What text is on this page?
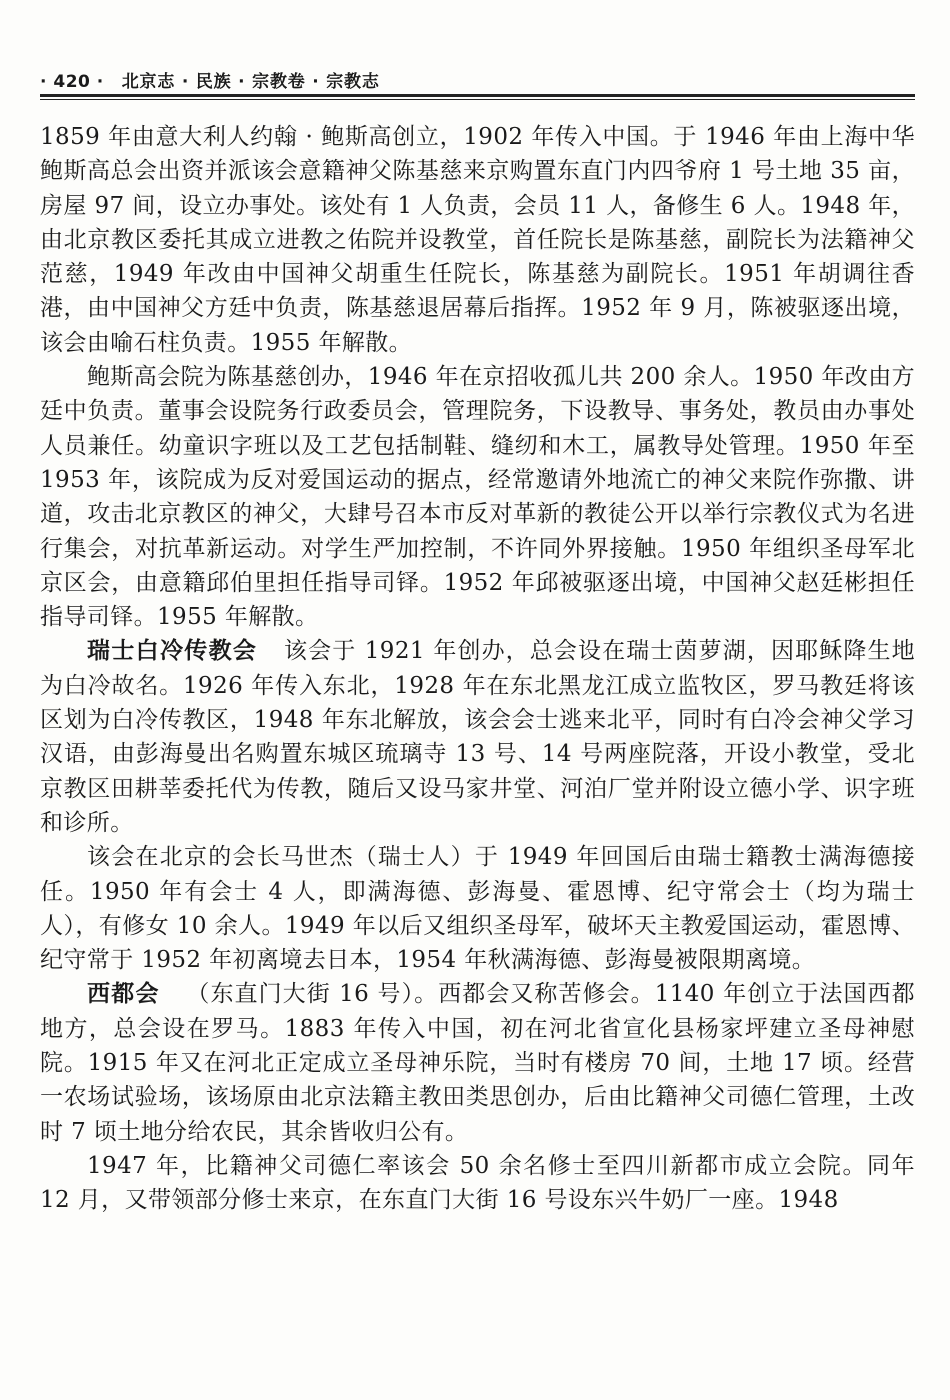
· 420 · 北京志 · 民族 · 宗教卷 · 宗教志

1859 年由意大利人约翰 · 鲍斯高创立，1902 年传入中国。于 1946 年由上海中华鲍斯高总会出资并派该会意籍神父陈基慈来京购置东直门内四爷府 1 号土地 35 亩，房屋 97 间，设立办事处。该处有 1 人负责，会员 11 人，备修生 6 人。1948 年，由北京教区委托其成立进教之佑院并设教堂，首任院长是陈基慈，副院长为法籍神父范慈，1949 年改由中国神父胡重生任院长，陈基慈为副院长。1951 年胡调往香港，由中国神父方廷中负责，陈基慈退居幕后指挥。1952 年 9 月，陈被驱逐出境，该会由喻石柱负责。1955 年解散。

鲍斯高会院为陈基慈创办，1946 年在京招收孤儿共 200 余人。1950 年改由方廷中负责。董事会设院务行政委员会，管理院务，下设教导、事务处，教员由办事处人员兼任。幼童识字班以及工艺包括制鞋、缝纫和木工，属教导处管理。1950 年至 1953 年，该院成为反对爱国运动的据点，经常邀请外地流亡的神父来院作弥撒、讲道，攻击北京教区的神父，大肆号召本市反对革新的教徒公开以举行宗教仪式为名进行集会，对抗革新运动。对学生严加控制，不许同外界接触。1950 年组织圣母军北京区会，由意籍邱伯里担任指导司铎。1952 年邱被驱逐出境，中国神父赵廷彬担任指导司铎。1955 年解散。

瑞士白冷传教会 该会于 1921 年创办，总会设在瑞士茵萝湖，因耶稣降生地为白冷故名。1926 年传入东北，1928 年在东北黑龙江成立监牧区，罗马教廷将该区划为白冷传教区，1948 年东北解放，该会会士逃来北平，同时有白冷会神父学习汉语，由彭海曼出名购置东城区琉璃寺 13 号、14 号两座院落，开设小教堂，受北京教区田耕莘委托代为传教，随后又设马家井堂、河泊厂堂并附设立德小学、识字班和诊所。

该会在北京的会长马世杰（瑞士人）于 1949 年回国后由瑞士籍教士满海德接任。1950 年有会士 4 人，即满海德、彭海曼、霍恩博、纪守常会士（均为瑞士人），有修女 10 余人。1949 年以后又组织圣母军，破坏天主教爱国运动，霍恩博、纪守常于 1952 年初离境去日本，1954 年秋满海德、彭海曼被限期离境。

西都会 （东直门大街 16 号）。西都会又称苦修会。1140 年创立于法国西都地方，总会设在罗马。1883 年传入中国，初在河北省宣化县杨家坪建立圣母神慰院。1915 年又在河北正定成立圣母神乐院，当时有楼房 70 间，土地 17 顷。经营一农场试验场，该场原由北京法籍主教田类思创办，后由比籍神父司德仁管理，土改时 7 顷土地分给农民，其余皆收归公有。

1947 年，比籍神父司德仁率该会 50 余名修士至四川新都市成立会院。同年 12 月，又带领部分修士来京，在东直门大街 16 号设东兴牛奶厂一座。1948
